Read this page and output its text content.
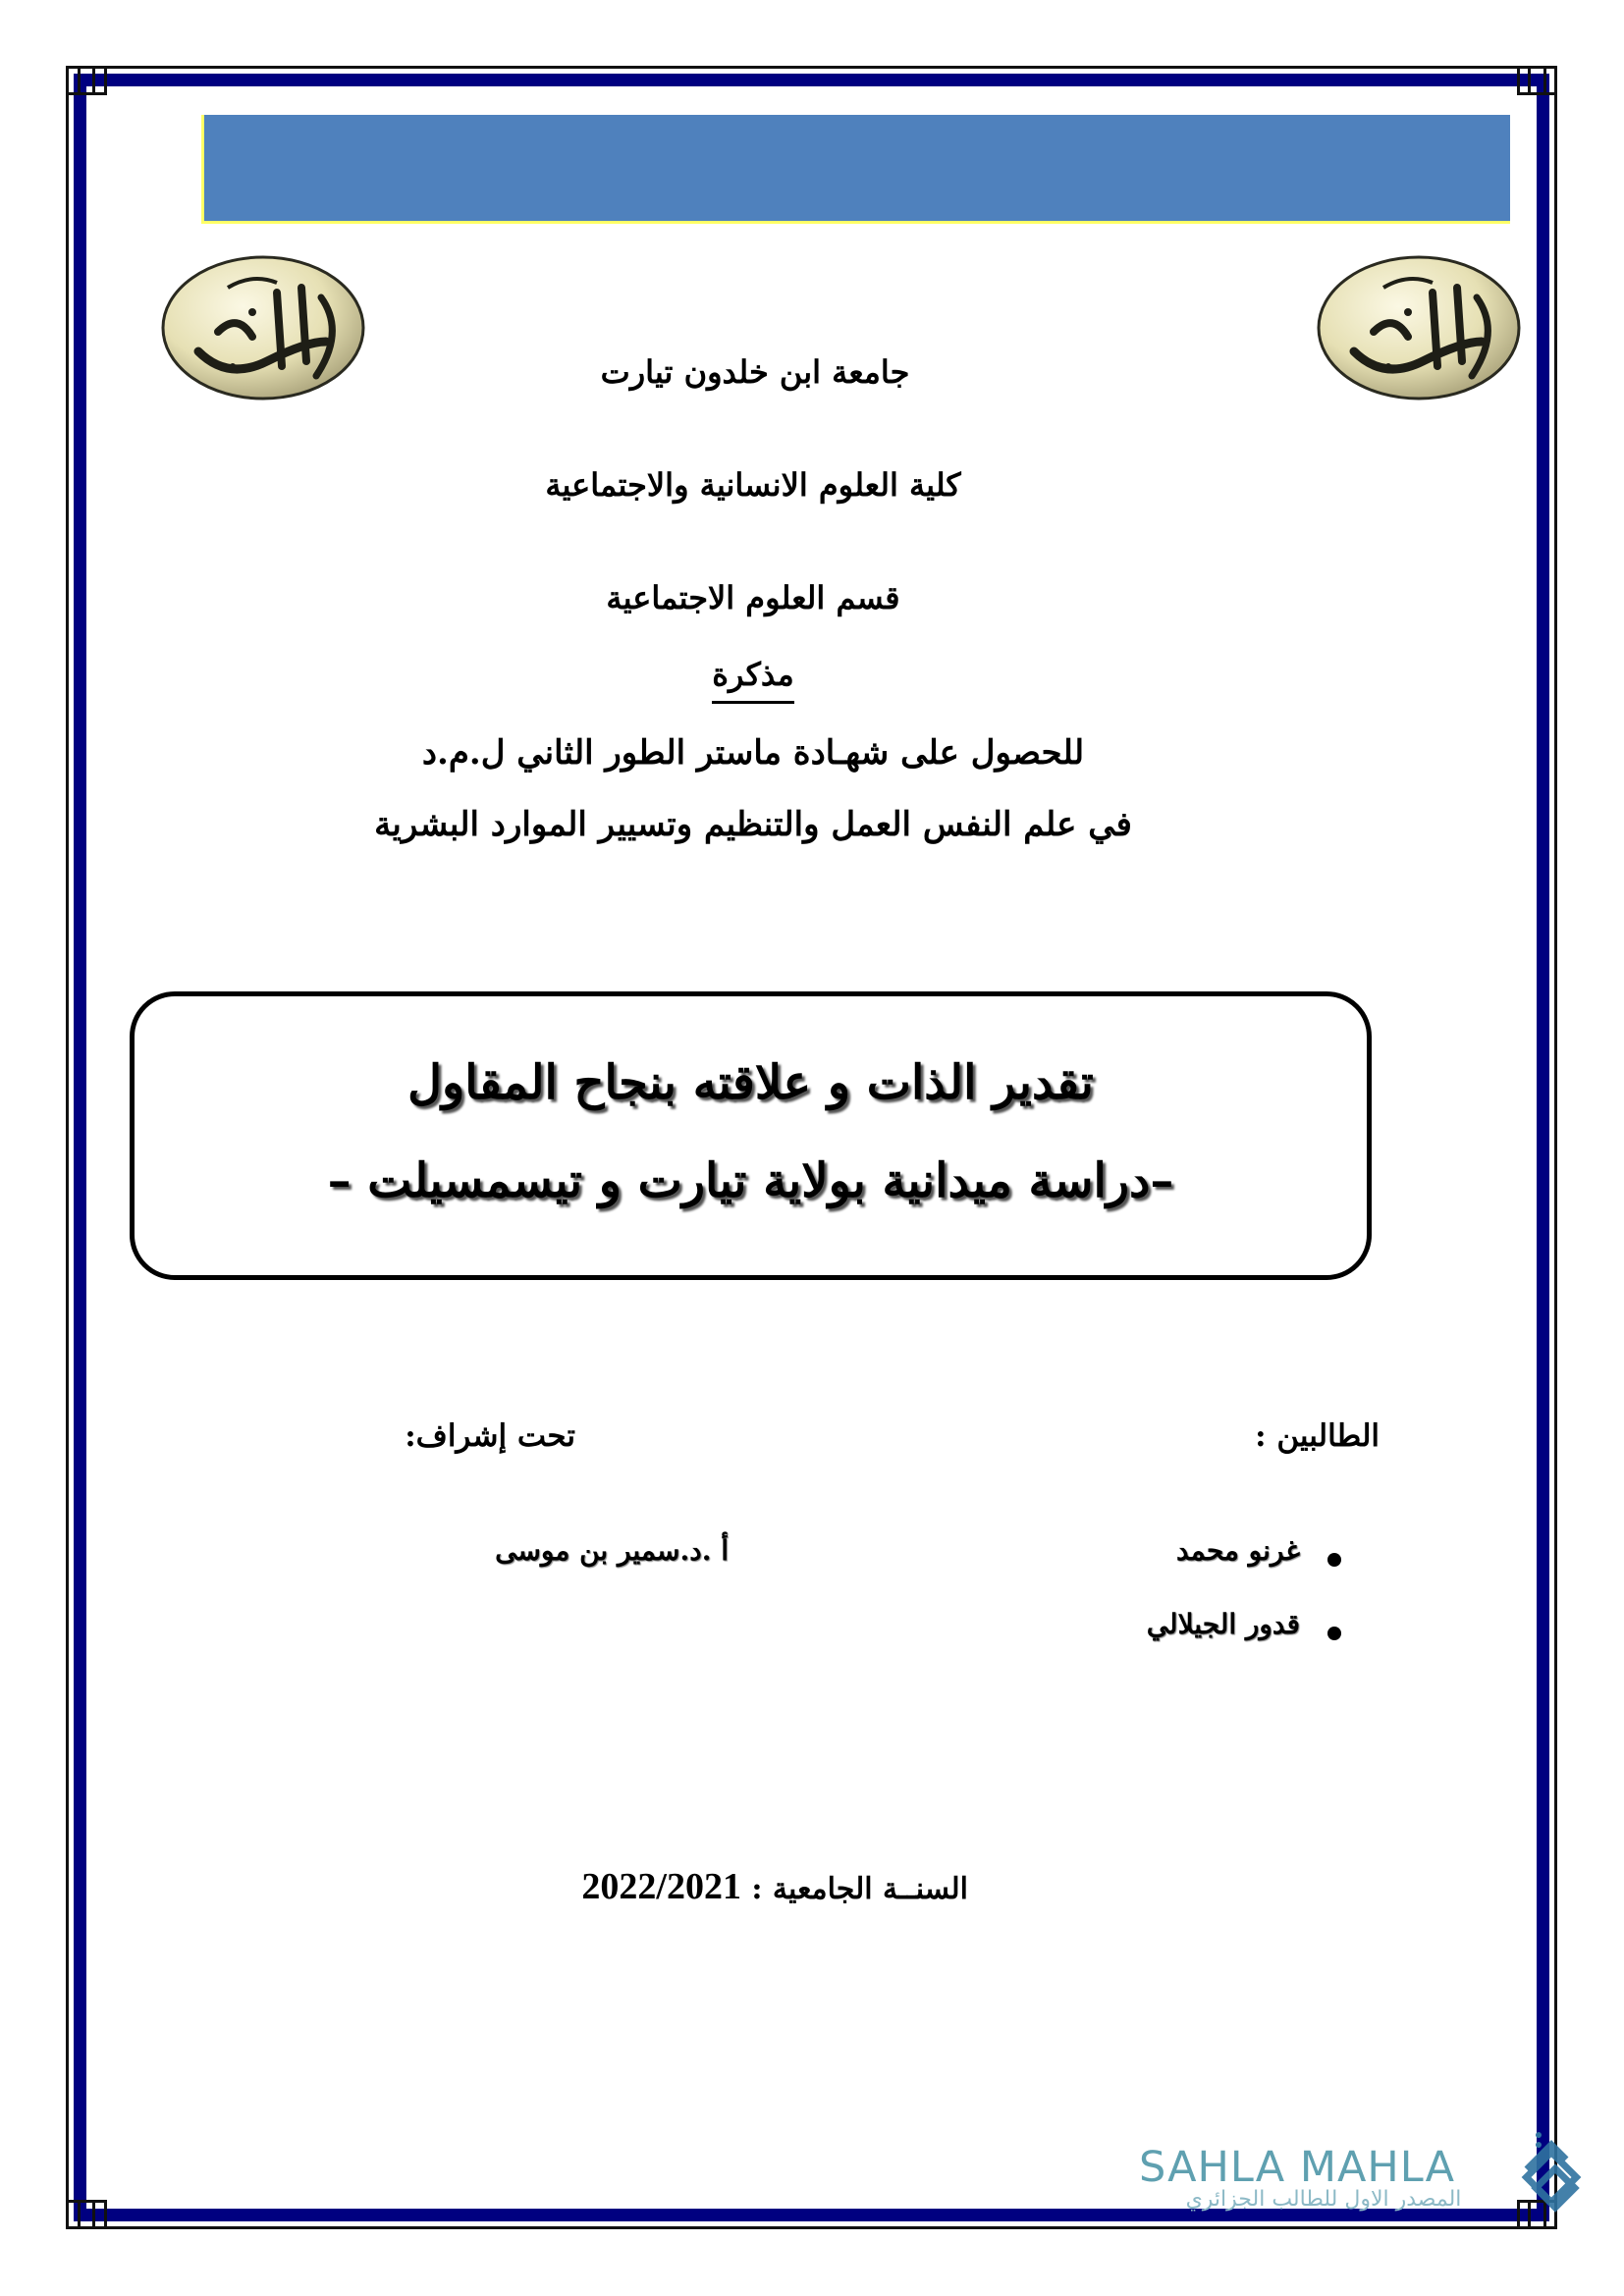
جامعة ابن خلدون تيارت
كلية العلوم الانسانية والاجتماعية
قسم العلوم الاجتماعية
مذكرة
للحصول على شهـادة ماستر الطور الثاني ل.م.د
في علم النفس العمل والتنظيم وتسيير الموارد البشرية
تقدير الذات و علاقته بنجاح المقاول
–دراسة ميدانية بولاية تيارت و تيسمسيلت –
الطالبين :
غرنو محمد
قدور الجيلالي
تحت إشراف:
أ .د.سمير بن موسى
السنــة الجامعية : 2022/2021
SAHLA MAHLA
المصدر الاول للطالب الجزائري
